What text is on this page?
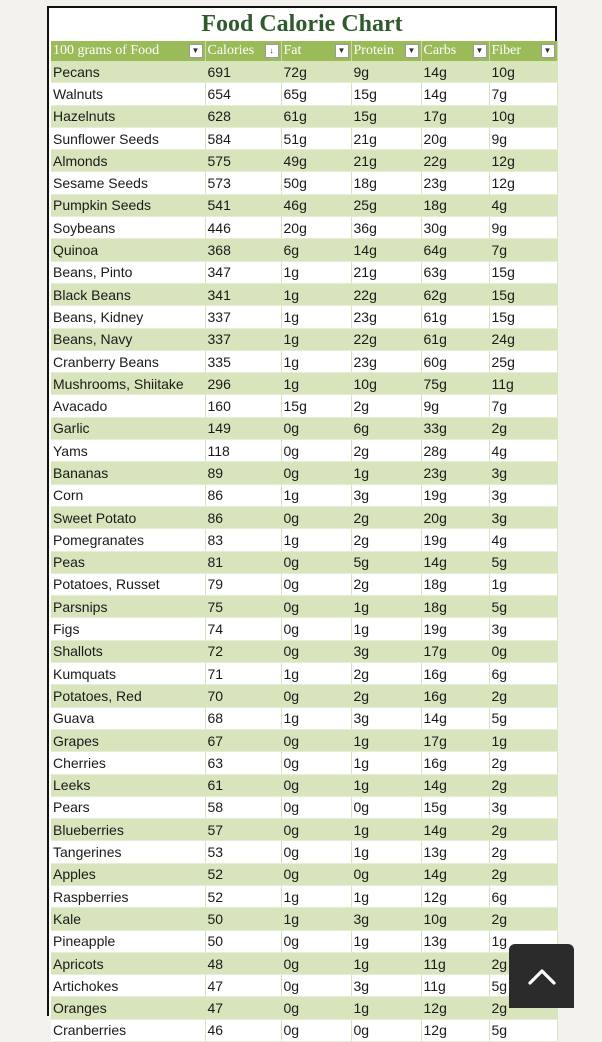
Food Calorie Chart
100 grams of Food ▼	Calories ↓	Fat ▼	Protein ▼	Carbs ▼	Fiber ▼

Pecans	691	72g	9g	14g	10g
Walnuts	654	65g	15g	14g	7g
Hazelnuts	628	61g	15g	17g	10g
Sunflower Seeds	584	51g	21g	20g	9g
Almonds	575	49g	21g	22g	12g
Sesame Seeds	573	50g	18g	23g	12g
Pumpkin Seeds	541	46g	25g	18g	4g
Soybeans	446	20g	36g	30g	9g
Quinoa	368	6g	14g	64g	7g
Beans, Pinto	347	1g	21g	63g	15g
Black Beans	341	1g	22g	62g	15g
Beans, Kidney	337	1g	23g	61g	15g
Beans, Navy	337	1g	22g	61g	24g
Cranberry Beans	335	1g	23g	60g	25g
Mushrooms, Shiitake	296	1g	10g	75g	11g
Avacado	160	15g	2g	9g	7g
Garlic	149	0g	6g	33g	2g
Yams	118	0g	2g	28g	4g
Bananas	89	0g	1g	23g	3g
Corn	86	1g	3g	19g	3g
Sweet Potato	86	0g	2g	20g	3g
Pomegranates	83	1g	2g	19g	4g
Peas	81	0g	5g	14g	5g
Potatoes, Russet	79	0g	2g	18g	1g
Parsnips	75	0g	1g	18g	5g
Figs	74	0g	1g	19g	3g
Shallots	72	0g	3g	17g	0g
Kumquats	71	1g	2g	16g	6g
Potatoes, Red	70	0g	2g	16g	2g
Guava	68	1g	3g	14g	5g
Grapes	67	0g	1g	17g	1g
Cherries	63	0g	1g	16g	2g
Leeks	61	0g	1g	14g	2g
Pears	58	0g	0g	15g	3g
Blueberries	57	0g	1g	14g	2g
Tangerines	53	0g	1g	13g	2g
Apples	52	0g	0g	14g	2g
Raspberries	52	1g	1g	12g	6g
Kale	50	1g	3g	10g	2g
Pineapple	50	0g	1g	13g	1g
Apricots	48	0g	1g	11g	2g
Artichokes	47	0g	3g	11g	5g
Oranges	47	0g	1g	12g	2g
Cranberries	46	0g	0g	12g	5g
